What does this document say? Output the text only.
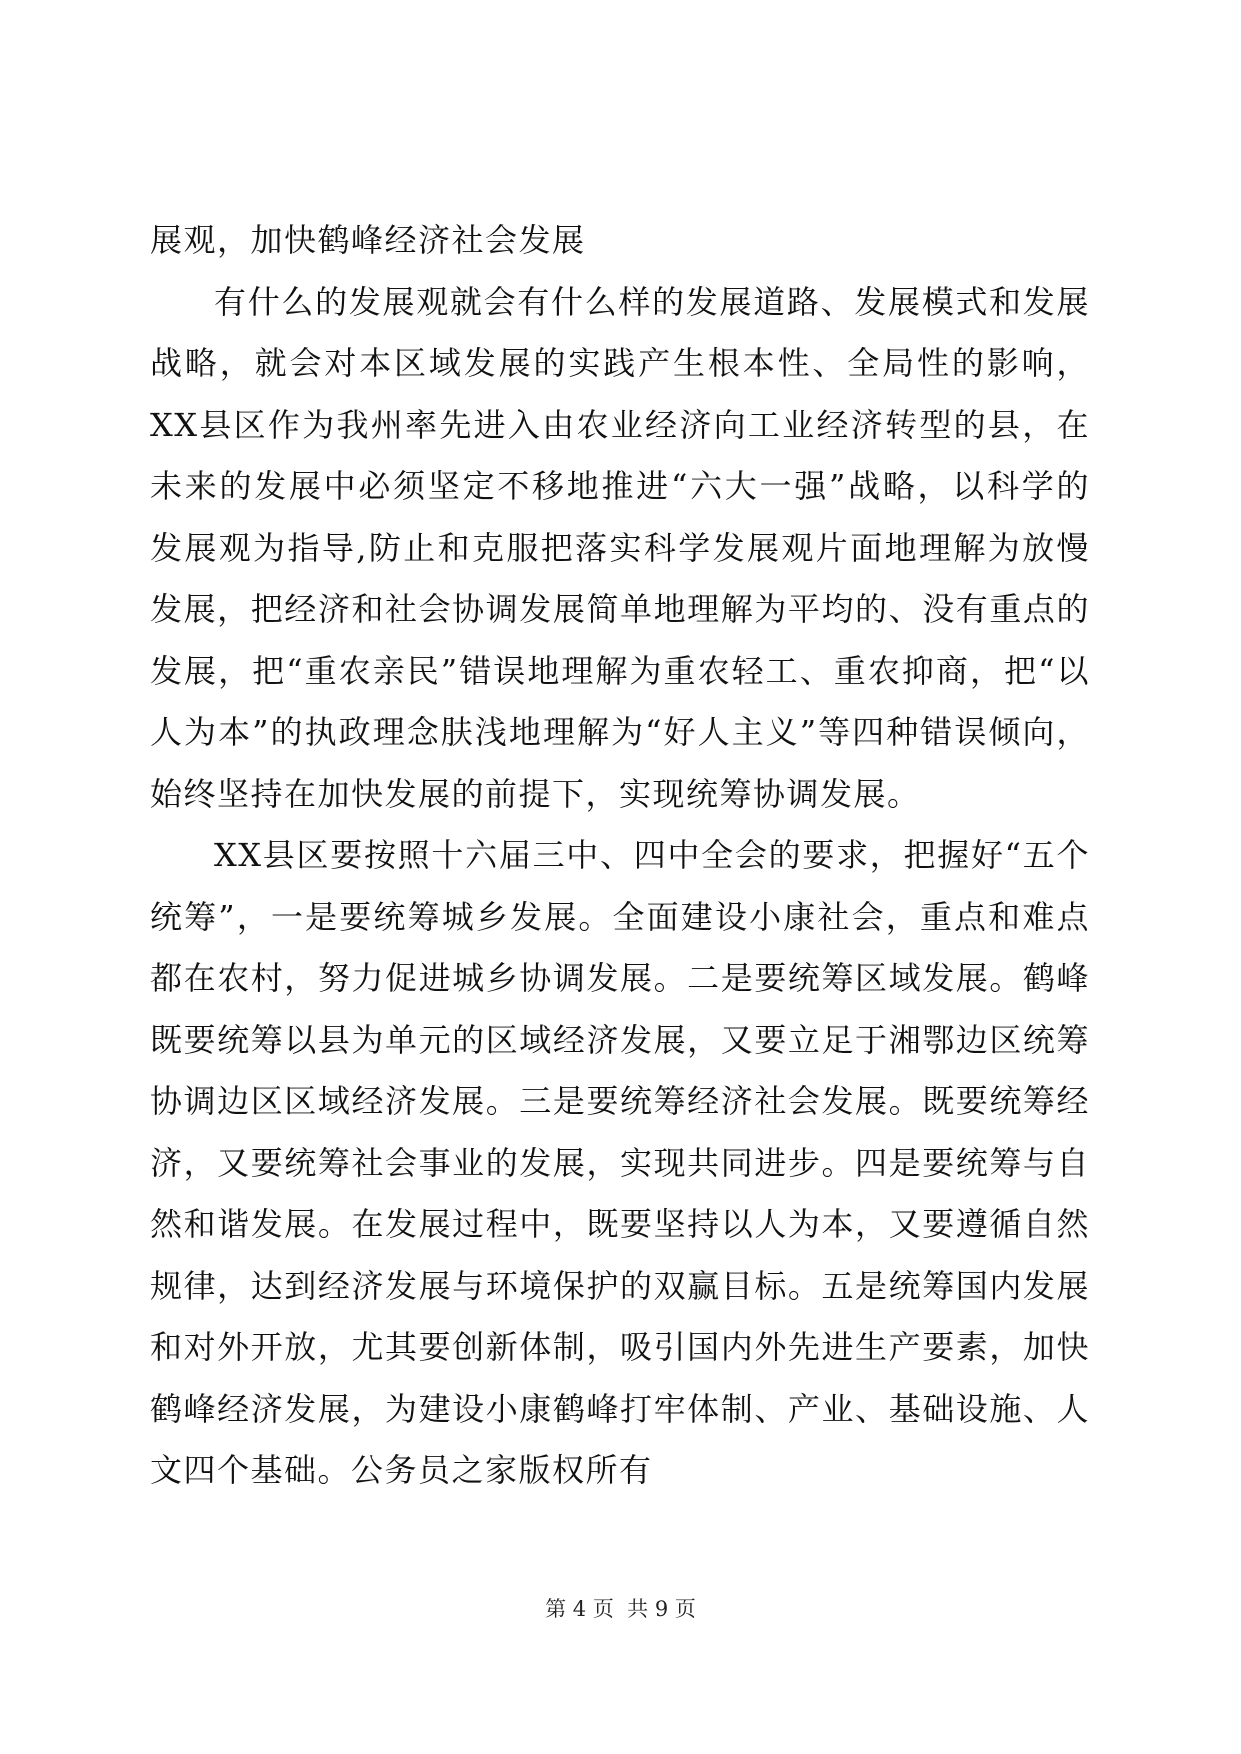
展观，加快鹤峰经济社会发展

有什么的发展观就会有什么样的发展道路、发展模式和发展战略，就会对本区域发展的实践产生根本性、全局性的影响，XX县区作为我州率先进入由农业经济向工业经济转型的县，在未来的发展中必须坚定不移地推进“六大一强”战略，以科学的发展观为指导,防止和克服把落实科学发展观片面地理解为放慢发展，把经济和社会协调发展简单地理解为平均的、没有重点的发展，把“重农亲民”错误地理解为重农轻工、重农抑商，把“以人为本”的执政理念肤浅地理解为“好人主义”等四种错误倾向，始终坚持在加快发展的前提下，实现统筹协调发展。

XX县区要按照十六届三中、四中全会的要求，把握好“五个统筹”，一是要统筹城乡发展。全面建设小康社会，重点和难点都在农村，努力促进城乡协调发展。二是要统筹区域发展。鹤峰既要统筹以县为单元的区域经济发展，又要立足于湘鄂边区统筹协调边区区域经济发展。三是要统筹经济社会发展。既要统筹经济，又要统筹社会事业的发展，实现共同进步。四是要统筹与自然和谐发展。在发展过程中，既要坚持以人为本，又要遵循自然规律，达到经济发展与环境保护的双赢目标。五是统筹国内发展和对外开放，尤其要创新体制，吸引国内外先进生产要素，加快鹤峰经济发展，为建设小康鹤峰打牢体制、产业、基础设施、人文四个基础。公务员之家版权所有

第 4 页  共 9 页
